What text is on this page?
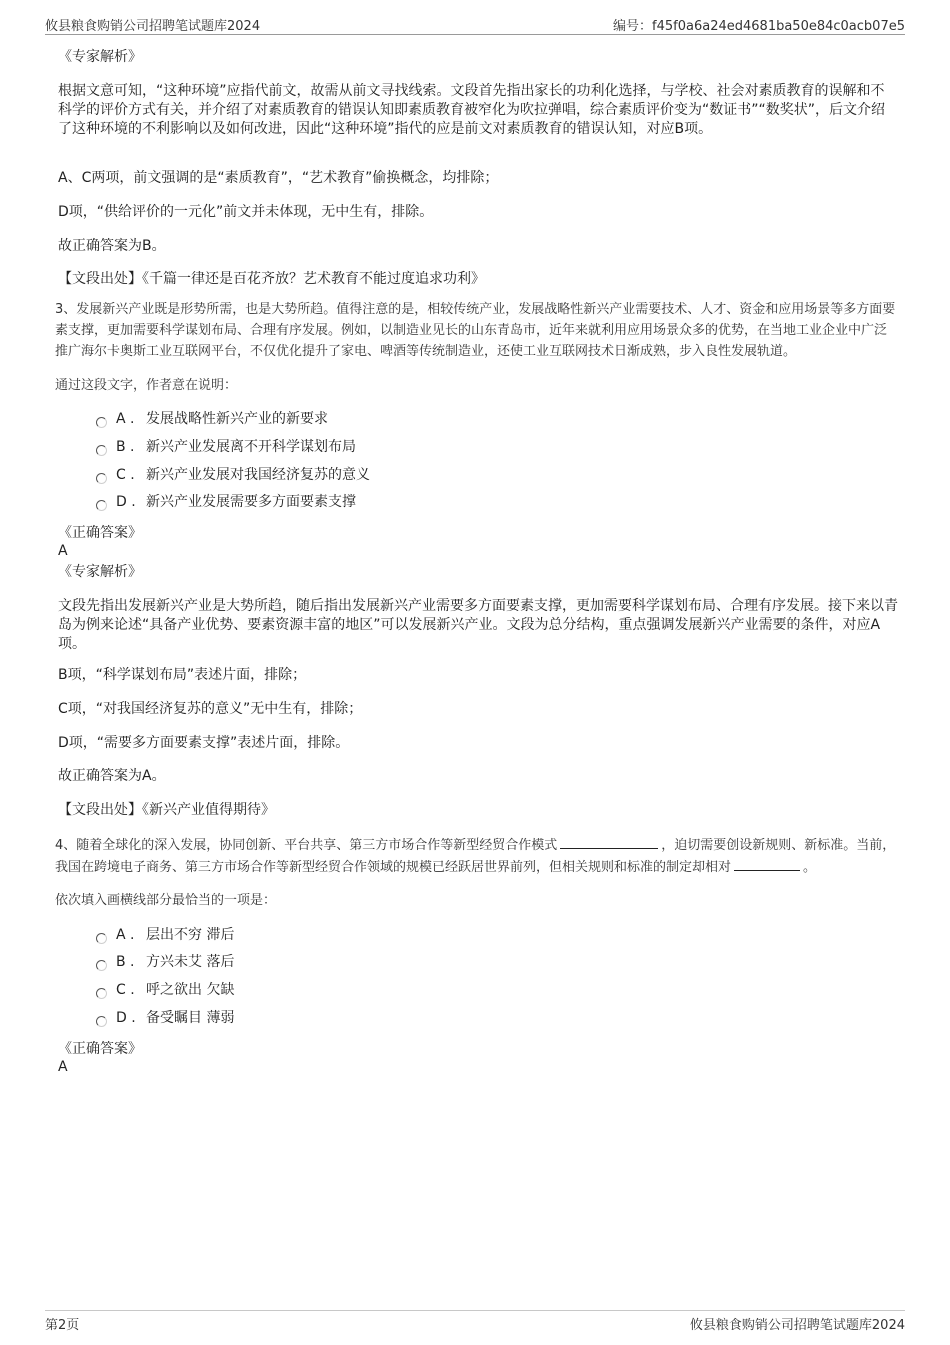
攸县粮食购销公司招聘笔试题库2024	编号：f45f0a6a24ed4681ba50e84c0acb07e5
《专家解析》
根据文意可知，“这种环境”应指代前文，故需从前文寻找线索。文段首先指出家长的功利化选择，与学校、社会对素质教育的误解和不科学的评价方式有关，并介绍了对素质教育的错误认知即素质教育被窄化为吹拉弹唱，综合素质评价变为“数证书”“数奖状”，后文介绍了这种环境的不利影响以及如何改进，因此“这种环境”指代的应是前文对素质教育的错误认知，对应B项。
A、C两项，前文强调的是“素质教育”，“艺术教育”偷换概念，均排除；
D项，“供给评价的一元化”前文并未体现，无中生有，排除。
故正确答案为B。
【文段出处】《千篇一律还是百花齐放？艺术教育不能过度追求功利》
3、发展新兴产业既是形势所需，也是大势所趋。值得注意的是，相较传统产业，发展战略性新兴产业需要技术、人才、资金和应用场景等多方面要素支撑，更加需要科学谋划布局、合理有序发展。例如，以制造业见长的山东青岛市，近年来就利用应用场景众多的优势，在当地工业企业中广泛推广海尔卡奥斯工业互联网平台，不仅优化提升了家电、啤酒等传统制造业，还使工业互联网技术日渐成熟，步入良性发展轨道。
通过这段文字，作者意在说明：
A . 发展战略性新兴产业的新要求
B . 新兴产业发展离不开科学谋划布局
C . 新兴产业发展对我国经济复苏的意义
D . 新兴产业发展需要多方面要素支撑
《正确答案》
A
《专家解析》
文段先指出发展新兴产业是大势所趋，随后指出发展新兴产业需要多方面要素支撑，更加需要科学谋划布局、合理有序发展。接下来以青岛为例来论述“具备产业优势、要素资源丰富的地区”可以发展新兴产业。文段为总分结构，重点强调发展新兴产业需要的条件，对应A项。
B项，“科学谋划布局”表述片面，排除；
C项，“对我国经济复苏的意义”无中生有，排除；
D项，“需要多方面要素支撑”表述片面，排除。
故正确答案为A。
【文段出处】《新兴产业值得期待》
4、随着全球化的深入发展，协同创新、平台共享、第三方市场合作等新型经贸合作模式	，迫切需要创设新规则、新标准。当前，我国在跨境电子商务、第三方市场合作等新型经贸合作领域的规模已经跃居世界前列，但相关规则和标准的制定却相对	。
依次填入画横线部分最恰当的一项是：
A . 层出不穷 滞后
B . 方兴未艾 落后
C . 呼之欲出 欠缺
D . 备受瞩目 薄弱
《正确答案》
A
第2页	攸县粮食购销公司招聘笔试题库2024
